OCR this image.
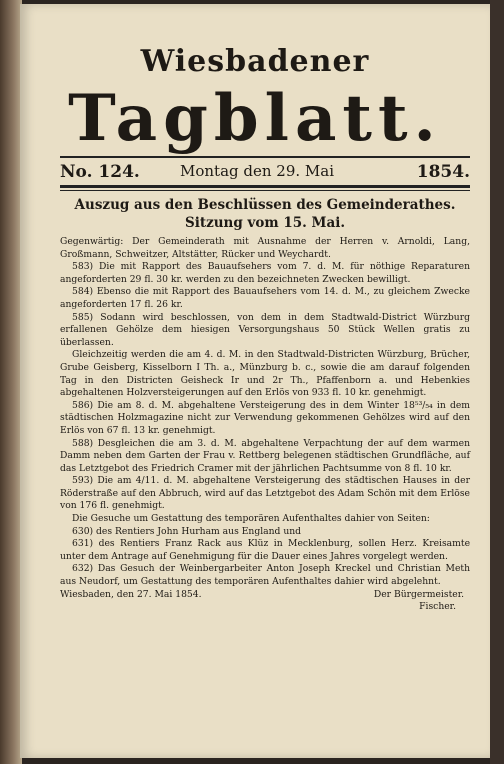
Wiesbadener
Tagblatt.
No. 124.	Montag den 29. Mai	1854.
Auszug aus den Beschlüssen des Gemeinderathes.
Sitzung vom 15. Mai.

Gegenwärtig: Der Gemeinderath mit Ausnahme der Herren v. Arnoldi, Lang, Großmann, Schweitzer, Altstätter, Rücker und Weychardt.

583) Die mit Rapport des Bauaufsehers vom 7. d. M. für nöthige Reparaturen angeforderten 29 fl. 30 kr. werden zu den bezeichneten Zwecken bewilligt.

584) Ebenso die mit Rapport des Bauaufsehers vom 14. d. M., zu gleichem Zwecke angeforderten 17 fl. 26 kr.

585) Sodann wird beschlossen, von dem in dem Stadtwald-District Würzburg erfallenen Gehölze dem hiesigen Versorgungshaus 50 Stück Wellen gratis zu überlassen.

Gleichzeitig werden die am 4. d. M. in den Stadtwald-Districten Würzburg, Brücher, Grube Geisberg, Kisselborn I Th. a., Münzburg b. c., sowie die am darauf folgenden Tag in den Districten Geisheck Ir und 2r Th., Pfaffenborn a. und Hebenkies abgehaltenen Holzversteigerungen auf den Erlös von 933 fl. 10 kr. genehmigt.

586) Die am 8. d. M. abgehaltene Versteigerung des in dem Winter 18⁵³/₅₄ in dem städtischen Holzmagazine nicht zur Verwendung gekommenen Gehölzes wird auf den Erlös von 67 fl. 13 kr. genehmigt.

588) Desgleichen die am 3. d. M. abgehaltene Verpachtung der auf dem warmen Damm neben dem Garten der Frau v. Rettberg belegenen städtischen Grundfläche, auf das Letztgebot des Friedrich Cramer mit der jährlichen Pachtsumme von 8 fl. 10 kr.

593) Die am 4/11. d. M. abgehaltene Versteigerung des städtischen Hauses in der Röderstraße auf den Abbruch, wird auf das Letztgebot des Adam Schön mit dem Erlöse von 176 fl. genehmigt.

Die Gesuche um Gestattung des temporären Aufenthaltes dahier von Seiten:

630) des Rentiers John Hurham aus England und

631) des Rentiers Franz Rack aus Klüz in Mecklenburg, sollen Herz. Kreisamte unter dem Antrage auf Genehmigung für die Dauer eines Jahres vorgelegt werden.

632) Das Gesuch der Weinbergarbeiter Anton Joseph Kreckel und Christian Meth aus Neudorf, um Gestattung des temporären Aufenthaltes dahier wird abgelehnt.

Wiesbaden, den 27. Mai 1854.	Der Bürgermeister.

Fischer.
